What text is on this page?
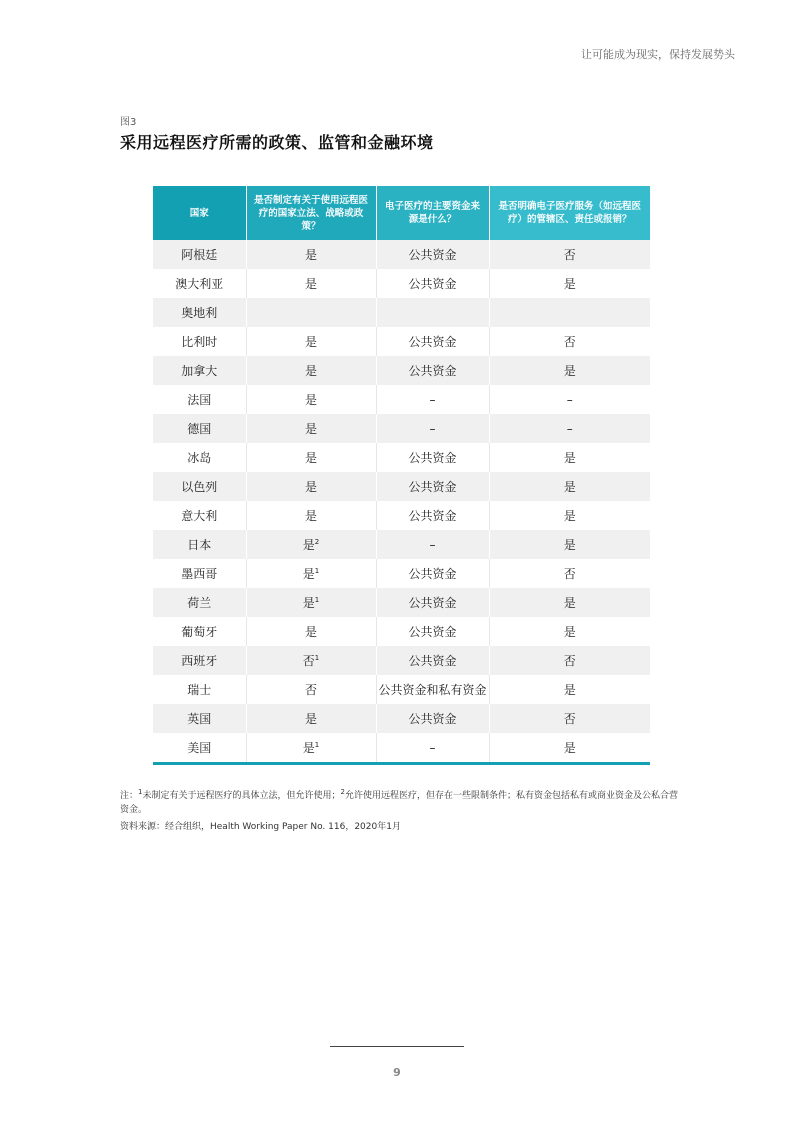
让可能成为现实，保持发展势头
图3
采用远程医疗所需的政策、监管和金融环境
国家	是否制定有关于使用远程医疗的国家立法、战略或政策？	电子医疗的主要资金来源是什么？	是否明确电子医疗服务（如远程医疗）的管辖区、责任或报销？
阿根廷	是	公共资金	否
澳大利亚	是	公共资金	是
奥地利			
比利时	是	公共资金	否
加拿大	是	公共资金	是
法国	是	–	–
德国	是	–	–
冰岛	是	公共资金	是
以色列	是	公共资金	是
意大利	是	公共资金	是
日本	是$^2$	–	是
墨西哥	是$^1$	公共资金	否
荷兰	是$^1$	公共资金	是
葡萄牙	是	公共资金	是
西班牙	否$^1$	公共资金	否
瑞士	否	公共资金和私有资金	是
英国	是	公共资金	否
美国	是$^1$	–	是
注：$^1$未制定有关于远程医疗的具体立法，但允许使用；$^2$允许使用远程医疗，但存在一些限制条件；私有资金包括私有或商业资金及公私合营资金。
资料来源：经合组织，Health Working Paper No. 116，2020年1月
9
